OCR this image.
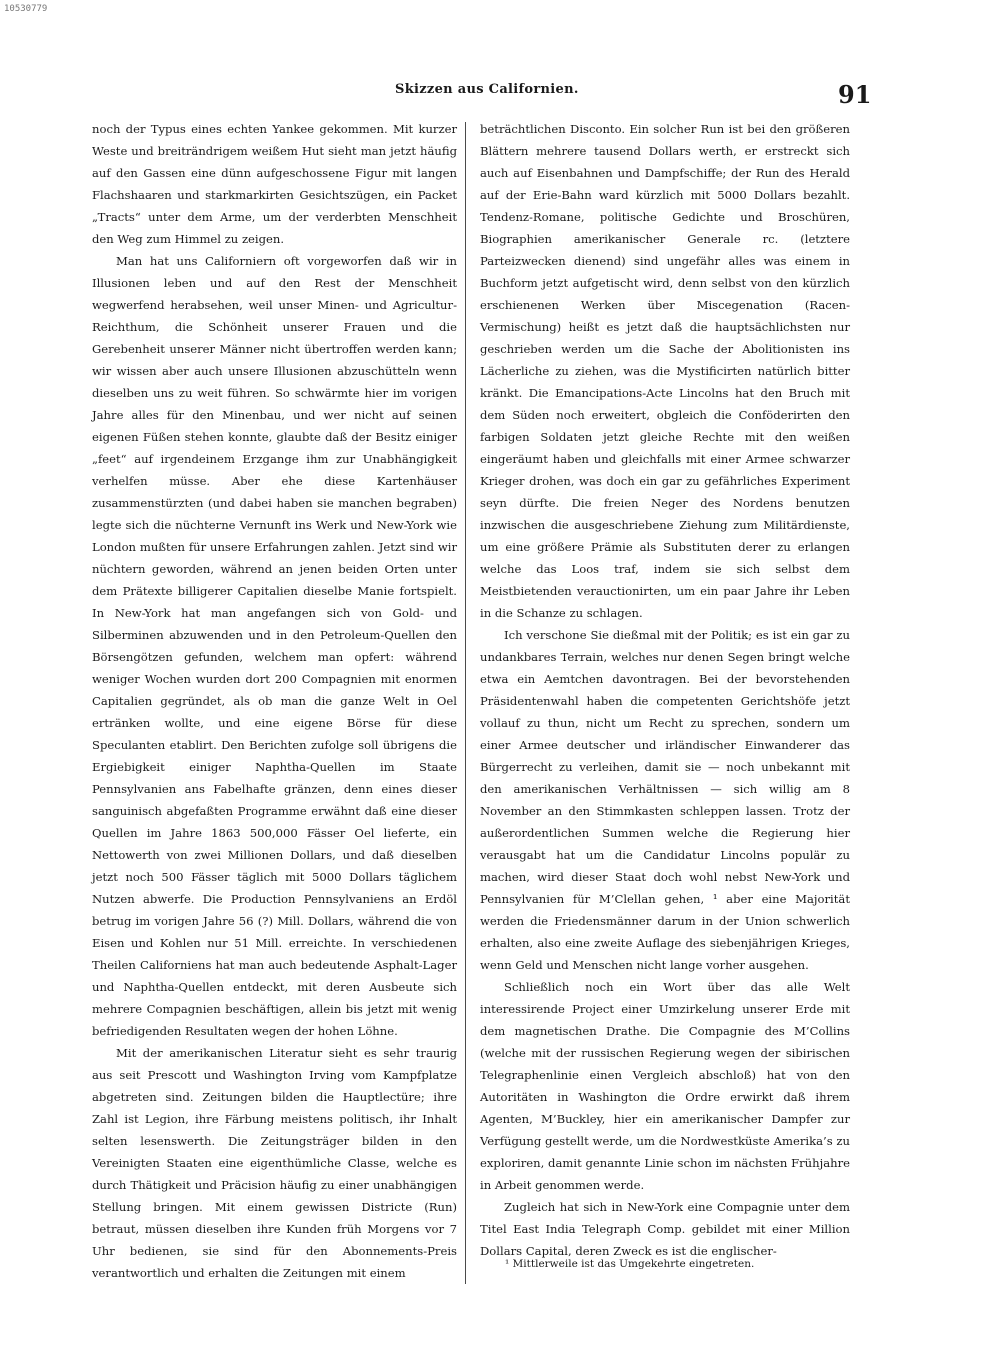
10530779
Skizzen aus Californien.	91

noch der Typus eines echten Yankee gekommen. Mit kurzer Weste und breiträndrigem weißem Hut sieht man jetzt häufig auf den Gassen eine dünn aufgeschossene Figur mit langen Flachshaaren und starkmarkirten Gesichtszügen, ein Packet „Tracts“ unter dem Arme, um der verderbten Menschheit den Weg zum Himmel zu zeigen.

Man hat uns Californiern oft vorgeworfen daß wir in Illusionen leben und auf den Rest der Menschheit wegwerfend herabsehen, weil unser Minen- und Agricultur-Reichthum, die Schönheit unserer Frauen und die Gerebenheit unserer Männer nicht übertroffen werden kann; wir wissen aber auch unsere Illusionen abzuschütteln wenn dieselben uns zu weit führen. So schwärmte hier im vorigen Jahre alles für den Minenbau, und wer nicht auf seinen eigenen Füßen stehen konnte, glaubte daß der Besitz einiger „feet“ auf irgendeinem Erzgange ihm zur Unabhängigkeit verhelfen müsse. Aber ehe diese Kartenhäuser zusammenstürzten (und dabei haben sie manchen begraben) legte sich die nüchterne Vernunft ins Werk und New-York wie London mußten für unsere Erfahrungen zahlen. Jetzt sind wir nüchtern geworden, während an jenen beiden Orten unter dem Prätexte billigerer Capitalien dieselbe Manie fortspielt. In New-York hat man angefangen sich von Gold- und Silberminen abzuwenden und in den Petroleum-Quellen den Börsengötzen gefunden, welchem man opfert: während weniger Wochen wurden dort 200 Compagnien mit enormen Capitalien gegründet, als ob man die ganze Welt in Oel ertränken wollte, und eine eigene Börse für diese Speculanten etablirt. Den Berichten zufolge soll übrigens die Ergiebigkeit einiger Naphtha-Quellen im Staate Pennsylvanien ans Fabelhafte gränzen, denn eines dieser sanguinisch abgefaßten Programme erwähnt daß eine dieser Quellen im Jahre 1863 500,000 Fässer Oel lieferte, ein Nettowerth von zwei Millionen Dollars, und daß dieselben jetzt noch 500 Fässer täglich mit 5000 Dollars täglichem Nutzen abwerfe. Die Production Pennsylvaniens an Erdöl betrug im vorigen Jahre 56 (?) Mill. Dollars, während die von Eisen und Kohlen nur 51 Mill. erreichte. In verschiedenen Theilen Californiens hat man auch bedeutende Asphalt-Lager und Naphtha-Quellen entdeckt, mit deren Ausbeute sich mehrere Compagnien beschäftigen, allein bis jetzt mit wenig befriedigenden Resultaten wegen der hohen Löhne.

Mit der amerikanischen Literatur sieht es sehr traurig aus seit Prescott und Washington Irving vom Kampfplatze abgetreten sind. Zeitungen bilden die Hauptlectüre; ihre Zahl ist Legion, ihre Färbung meistens politisch, ihr Inhalt selten lesenswerth. Die Zeitungsträger bilden in den Vereinigten Staaten eine eigenthümliche Classe, welche es durch Thätigkeit und Präcision häufig zu einer unabhängigen Stellung bringen. Mit einem gewissen Districte (Run) betraut, müssen dieselben ihre Kunden früh Morgens vor 7 Uhr bedienen, sie sind für den Abonnements-Preis verantwortlich und erhalten die Zeitungen mit einem

beträchtlichen Disconto. Ein solcher Run ist bei den größeren Blättern mehrere tausend Dollars werth, er erstreckt sich auch auf Eisenbahnen und Dampfschiffe; der Run des Herald auf der Erie-Bahn ward kürzlich mit 5000 Dollars bezahlt. Tendenz-Romane, politische Gedichte und Broschüren, Biographien amerikanischer Generale rc. (letztere Parteizwecken dienend) sind ungefähr alles was einem in Buchform jetzt aufgetischt wird, denn selbst von den kürzlich erschienenen Werken über Miscegenation (Racen-Vermischung) heißt es jetzt daß die hauptsächlichsten nur geschrieben werden um die Sache der Abolitionisten ins Lächerliche zu ziehen, was die Mystificirten natürlich bitter kränkt. Die Emancipations-Acte Lincolns hat den Bruch mit dem Süden noch erweitert, obgleich die Conföderirten den farbigen Soldaten jetzt gleiche Rechte mit den weißen eingeräumt haben und gleichfalls mit einer Armee schwarzer Krieger drohen, was doch ein gar zu gefährliches Experiment seyn dürfte. Die freien Neger des Nordens benutzen inzwischen die ausgeschriebene Ziehung zum Militärdienste, um eine größere Prämie als Substituten derer zu erlangen welche das Loos traf, indem sie sich selbst dem Meistbietenden verauctionirten, um ein paar Jahre ihr Leben in die Schanze zu schlagen.

Ich verschone Sie dießmal mit der Politik; es ist ein gar zu undankbares Terrain, welches nur denen Segen bringt welche etwa ein Aemtchen davontragen. Bei der bevorstehenden Präsidentenwahl haben die competenten Gerichtshöfe jetzt vollauf zu thun, nicht um Recht zu sprechen, sondern um einer Armee deutscher und irländischer Einwanderer das Bürgerrecht zu verleihen, damit sie — noch unbekannt mit den amerikanischen Verhältnissen — sich willig am 8 November an den Stimmkasten schleppen lassen. Trotz der außerordentlichen Summen welche die Regierung hier verausgabt hat um die Candidatur Lincolns populär zu machen, wird dieser Staat doch wohl nebst New-York und Pennsylvanien für M’Clellan gehen, ¹ aber eine Majorität werden die Friedensmänner darum in der Union schwerlich erhalten, also eine zweite Auflage des siebenjährigen Krieges, wenn Geld und Menschen nicht lange vorher ausgehen.

Schließlich noch ein Wort über das alle Welt interessirende Project einer Umzirkelung unserer Erde mit dem magnetischen Drathe. Die Compagnie des M’Collins (welche mit der russischen Regierung wegen der sibirischen Telegraphenlinie einen Vergleich abschloß) hat von den Autoritäten in Washington die Ordre erwirkt daß ihrem Agenten, M’Buckley, hier ein amerikanischer Dampfer zur Verfügung gestellt werde, um die Nordwestküste Amerika’s zu exploriren, damit genannte Linie schon im nächsten Frühjahre in Arbeit genommen werde.

Zugleich hat sich in New-York eine Compagnie unter dem Titel East India Telegraph Comp. gebildet mit einer Million Dollars Capital, deren Zweck es ist die englischer-

¹ Mittlerweile ist das Umgekehrte eingetreten.
